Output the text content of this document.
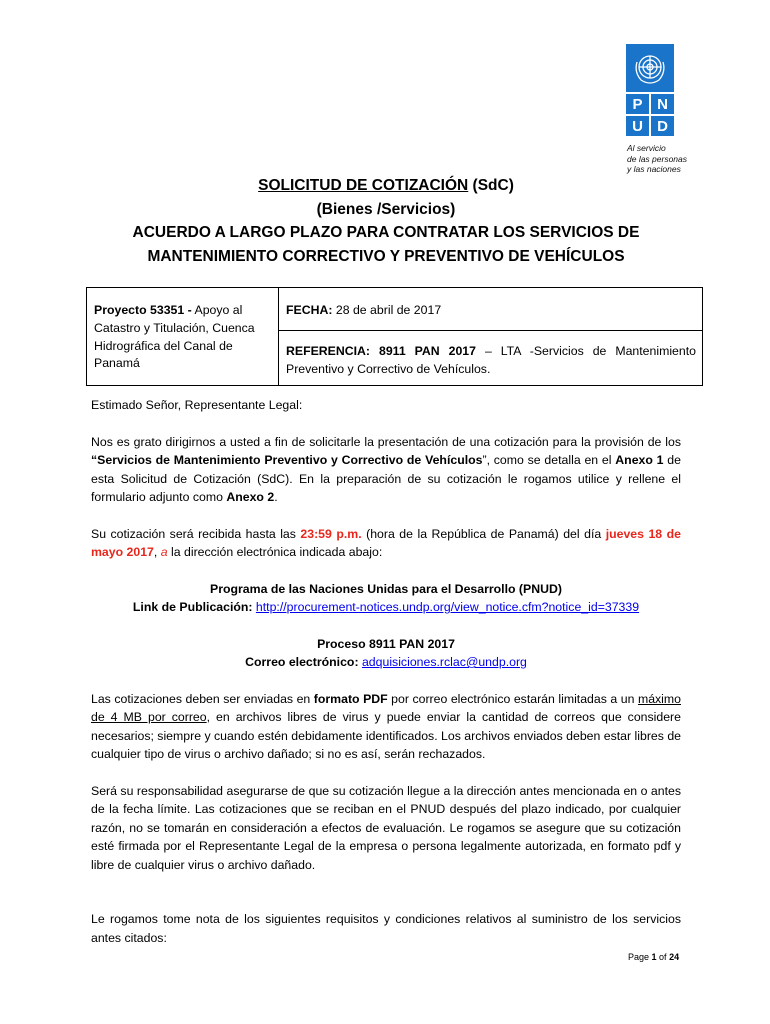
P N
U D
Al servicio
de las personas
y las naciones
SOLICITUD DE COTIZACIÓN (SdC)
(Bienes /Servicios)
ACUERDO A LARGO PLAZO PARA CONTRATAR LOS SERVICIOS DE
MANTENIMIENTO CORRECTIVO Y PREVENTIVO DE VEHÍCULOS
Proyecto 53351 - Apoyo al Catastro y Titulación, Cuenca Hidrográfica del Canal de Panamá	
FECHA: 28 de abril de 2017
REFERENCIA: 8911 PAN 2017 – LTA -Servicios de Mantenimiento Preventivo y Correctivo de Vehículos.

Estimado Señor, Representante Legal:

Nos es grato dirigirnos a usted a fin de solicitarle la presentación de una cotización para la provisión de los “Servicios de Mantenimiento Preventivo y Correctivo de Vehículos”, como se detalla en el Anexo 1 de esta Solicitud de Cotización (SdC). En la preparación de su cotización le rogamos utilice y rellene el formulario adjunto como Anexo 2.

Su cotización será recibida hasta las 23:59 p.m. (hora de la República de Panamá) del día jueves 18 de mayo 2017, a la dirección electrónica indicada abajo:

Programa de las Naciones Unidas para el Desarrollo (PNUD)
Link de Publicación: http://procurement-notices.undp.org/view_notice.cfm?notice_id=37339

Proceso 8911 PAN 2017
Correo electrónico: adquisiciones.rclac@undp.org

Las cotizaciones deben ser enviadas en formato PDF por correo electrónico estarán limitadas a un máximo de 4 MB por correo, en archivos libres de virus y puede enviar la cantidad de correos que considere necesarios; siempre y cuando estén debidamente identificados. Los archivos enviados deben estar libres de cualquier tipo de virus o archivo dañado; si no es así, serán rechazados.

Será su responsabilidad asegurarse de que su cotización llegue a la dirección antes mencionada en o antes de la fecha límite. Las cotizaciones que se reciban en el PNUD después del plazo indicado, por cualquier razón, no se tomarán en consideración a efectos de evaluación. Le rogamos se asegure que su cotización esté firmada por el Representante Legal de la empresa o persona legalmente autorizada, en formato pdf y libre de cualquier virus o archivo dañado.

Le rogamos tome nota de los siguientes requisitos y condiciones relativos al suministro de los servicios antes citados:

Page 1 of 24
